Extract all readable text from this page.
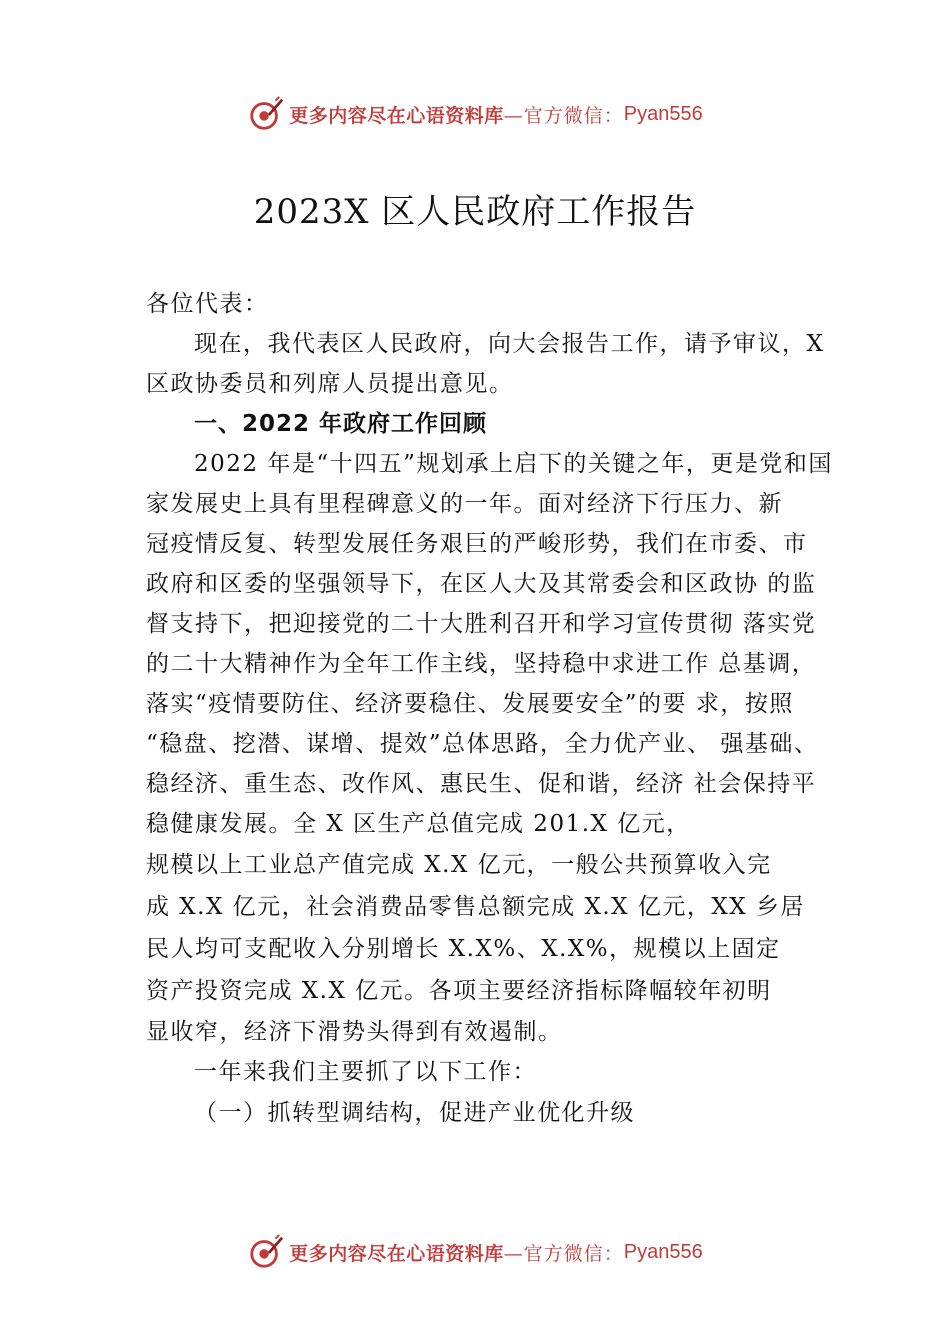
更多内容尽在心语资料库 —官方微信： Pyan556
2023X 区人民政府工作报告
各位代表：
现在，我代表区人民政府，向大会报告工作，请予审议，X
区政协委员和列席人员提出意见。
一、2022 年政府工作回顾
2022 年是“十四五”规划承上启下的关键之年，更是党和国
家发展史上具有里程碑意义的一年。面对经济下行压力、新
冠疫情反复、转型发展任务艰巨的严峻形势，我们在市委、市
政府和区委的坚强领导下，在区人大及其常委会和区政协 的监
督支持下，把迎接党的二十大胜利召开和学习宣传贯彻 落实党
的二十大精神作为全年工作主线，坚持稳中求进工作 总基调，
落实“疫情要防住、经济要稳住、发展要安全”的要 求，按照
“稳盘、挖潜、谋增、提效”总体思路，全力优产业、 强基础、
稳经济、重生态、改作风、惠民生、促和谐，经济 社会保持平
稳健康发展。全 X 区生产总值完成 201.X 亿元，
规模以上工业总产值完成 X.X 亿元，一般公共预算收入完
成 X.X 亿元，社会消费品零售总额完成 X.X 亿元，XX 乡居
民人均可支配收入分别增长 X.X%、X.X%，规模以上固定
资产投资完成 X.X 亿元。各项主要经济指标降幅较年初明
显收窄，经济下滑势头得到有效遏制。
一年来我们主要抓了以下工作：
（一）抓转型调结构，促进产业优化升级
更多内容尽在心语资料库 —官方微信： Pyan556
